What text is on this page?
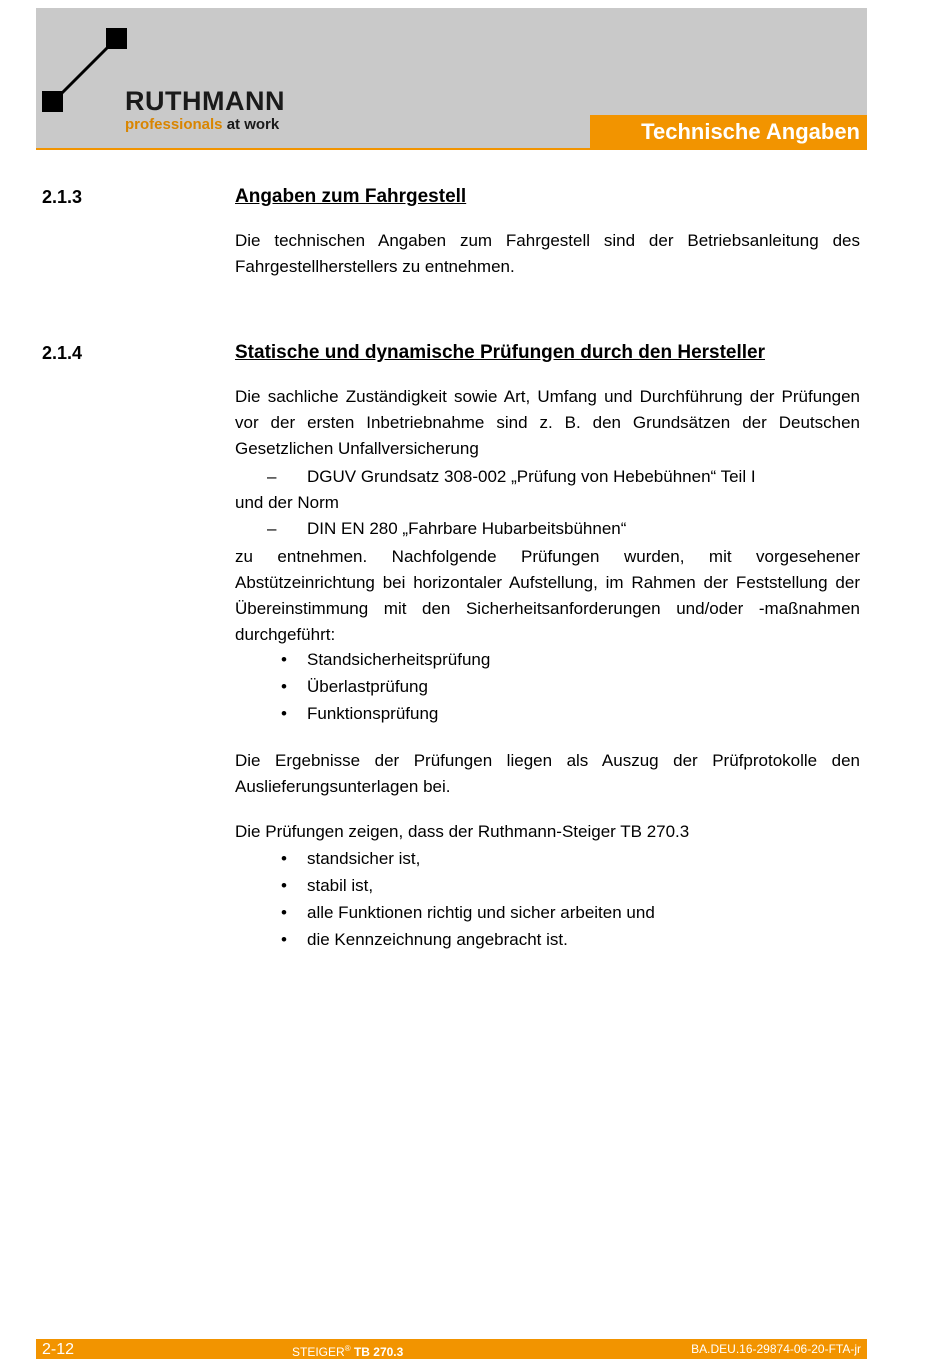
RUTHMANN
professionals at work	Technische Angaben
2.1.3	Angaben zum Fahrgestell
Die technischen Angaben zum Fahrgestell sind der Betriebsanleitung des Fahrgestellherstellers zu entnehmen.
2.1.4	Statische und dynamische Prüfungen durch den Hersteller
Die sachliche Zuständigkeit sowie Art, Umfang und Durchführung der Prüfungen vor der ersten Inbetriebnahme sind z. B. den Grundsätzen der Deutschen Gesetzlichen Unfallversicherung
– DGUV Grundsatz 308-002 „Prüfung von Hebebühnen“ Teil I
und der Norm
– DIN EN 280 „Fahrbare Hubarbeitsbühnen“
zu entnehmen. Nachfolgende Prüfungen wurden, mit vorgesehener Abstützeinrichtung bei horizontaler Aufstellung, im Rahmen der Feststellung der Übereinstimmung mit den Sicherheitsanforderungen und/oder -maßnahmen durchgeführt:
• Standsicherheitsprüfung
• Überlastprüfung
• Funktionsprüfung
Die Ergebnisse der Prüfungen liegen als Auszug der Prüfprotokolle den Auslieferungsunterlagen bei.
Die Prüfungen zeigen, dass der Ruthmann-Steiger TB 270.3
• standsicher ist,
• stabil ist,
• alle Funktionen richtig und sicher arbeiten und
• die Kennzeichnung angebracht ist.
2-12	STEIGER® TB 270.3	BA.DEU.16-29874-06-20-FTA-jr
